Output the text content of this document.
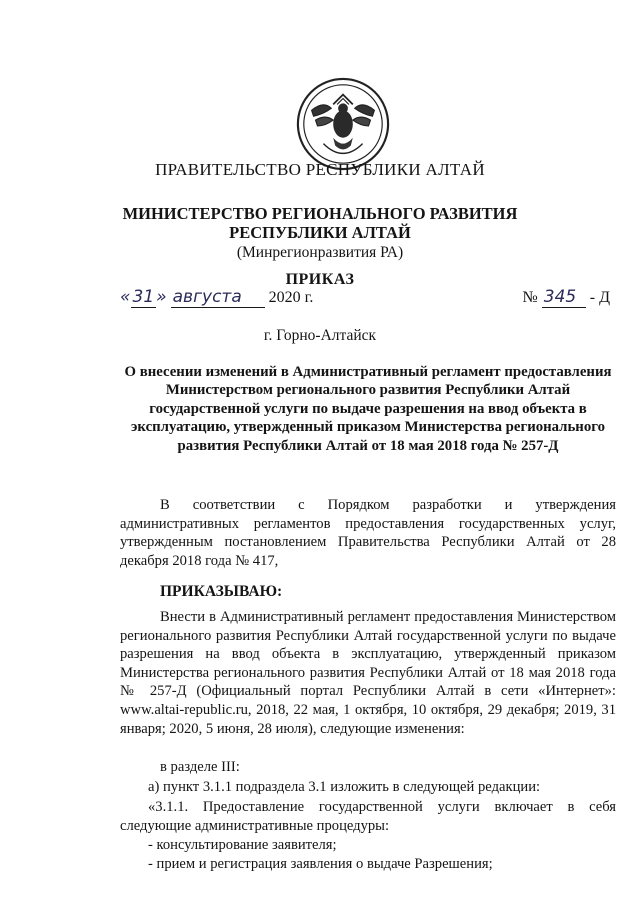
ПРАВИТЕЛЬСТВО РЕСПУБЛИКИ АЛТАЙ
МИНИСТЕРСТВО РЕГИОНАЛЬНОГО РАЗВИТИЯ
РЕСПУБЛИКИ АЛТАЙ
(Минрегионразвития РА)
ПРИКАЗ
« 31 » августа 2020 г.	№ 345 - Д
г. Горно-Алтайск
О внесении изменений в Административный регламент предоставления Министерством регионального развития Республики Алтай государственной услуги по выдаче разрешения на ввод объекта в эксплуатацию, утвержденный приказом Министерства регионального развития Республики Алтай от 18 мая 2018 года № 257-Д
В соответствии с Порядком разработки и утверждения административных регламентов предоставления государственных услуг, утвержденным постановлением Правительства Республики Алтай от 28 декабря 2018 года № 417,
ПРИКАЗЫВАЮ:
Внести в Административный регламент предоставления Министерством регионального развития Республики Алтай государственной услуги по выдаче разрешения на ввод объекта в эксплуатацию, утвержденный приказом Министерства регионального развития Республики Алтай от 18 мая 2018 года № 257-Д (Официальный портал Республики Алтай в сети «Интернет»: www.altai-republic.ru, 2018, 22 мая, 1 октября, 10 октября, 29 декабря; 2019, 31 января; 2020, 5 июня, 28 июля), следующие изменения:
в разделе III:
а) пункт 3.1.1 подраздела 3.1 изложить в следующей редакции:
«3.1.1. Предоставление государственной услуги включает в себя следующие административные процедуры:
- консультирование заявителя;
- прием и регистрация заявления о выдаче Разрешения;
